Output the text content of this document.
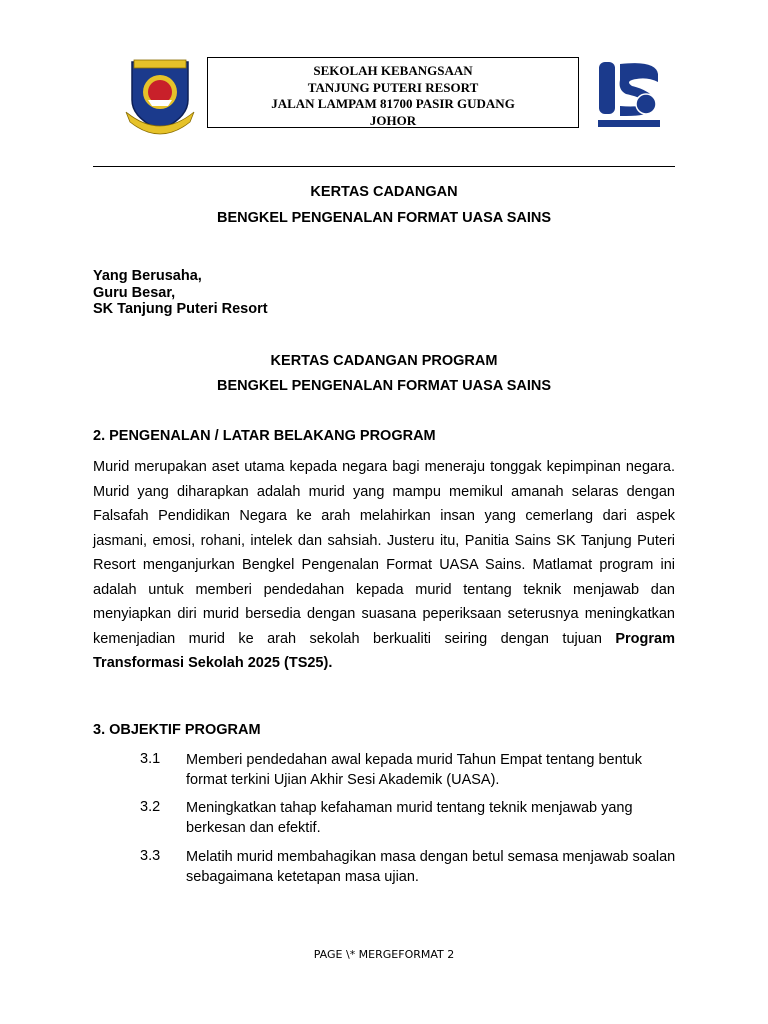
SEKOLAH KEBANGSAAN
TANJUNG PUTERI RESORT
JALAN LAMPAM 81700 PASIR GUDANG
JOHOR
KERTAS CADANGAN
BENGKEL PENGENALAN FORMAT UASA SAINS
Yang Berusaha,
Guru Besar,
SK Tanjung Puteri Resort
KERTAS CADANGAN PROGRAM
BENGKEL PENGENALAN FORMAT UASA SAINS
2. PENGENALAN / LATAR BELAKANG PROGRAM
Murid merupakan aset utama kepada negara bagi meneraju tonggak kepimpinan negara. Murid yang diharapkan adalah murid yang mampu memikul amanah selaras dengan Falsafah Pendidikan Negara ke arah melahirkan insan yang cemerlang dari aspek jasmani, emosi, rohani, intelek dan sahsiah. Justeru itu, Panitia Sains SK Tanjung Puteri Resort menganjurkan Bengkel Pengenalan Format UASA Sains. Matlamat program ini adalah untuk memberi pendedahan kepada murid tentang teknik menjawab dan menyiapkan diri murid bersedia dengan suasana peperiksaan seterusnya meningkatkan kemenjadian murid ke arah sekolah berkualiti seiring dengan tujuan Program Transformasi Sekolah 2025 (TS25).
3. OBJEKTIF PROGRAM
3.1 Memberi pendedahan awal kepada murid Tahun Empat tentang bentuk format terkini Ujian Akhir Sesi Akademik (UASA).
3.2 Meningkatkan tahap kefahaman murid tentang teknik menjawab yang berkesan dan efektif.
3.3 Melatih murid membahagikan masa dengan betul semasa menjawab soalan sebagaimana ketetapan masa ujian.
PAGE \* MERGEFORMAT 2
